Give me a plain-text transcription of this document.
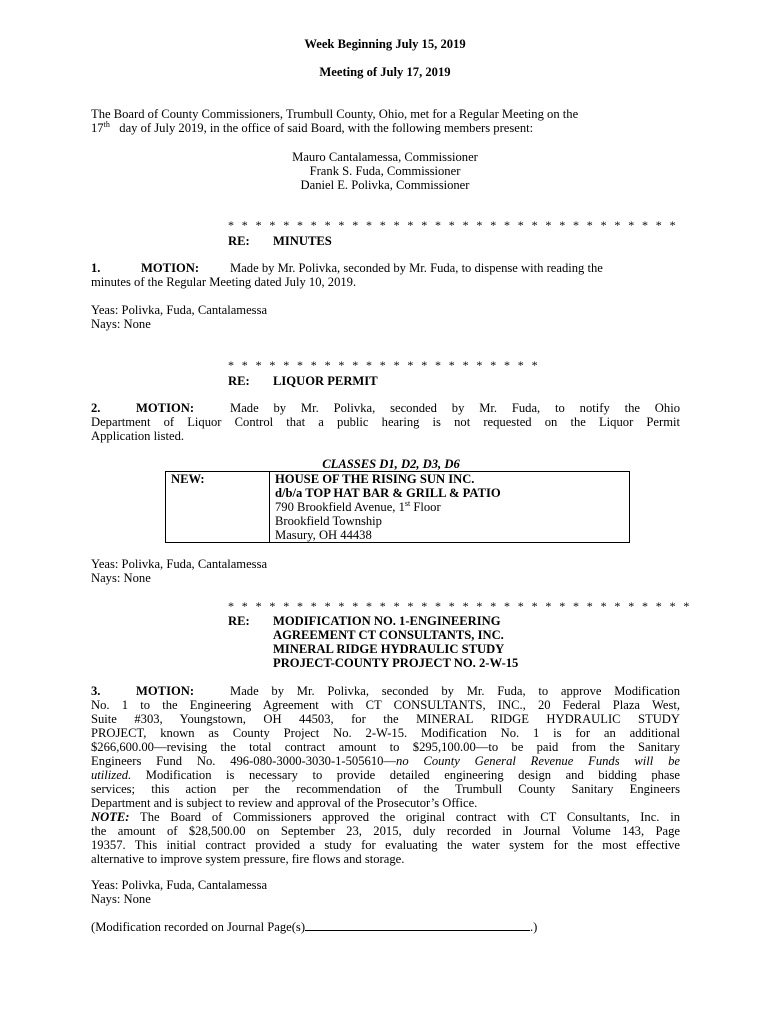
Week Beginning July 15, 2019
Meeting of July 17, 2019
The Board of County Commissioners, Trumbull County, Ohio, met for a Regular Meeting on the
17th day of July 2019, in the office of said Board, with the following members present:
Mauro Cantalamessa, Commissioner
Frank S. Fuda, Commissioner
Daniel E. Polivka, Commissioner
* * * * * * * * * * * * * * * * * * * * * * * * * * * * * * * * *
RE: MINUTES
1.	MOTION: Made by Mr. Polivka, seconded by Mr. Fuda, to dispense with reading the
minutes of the Regular Meeting dated July 10, 2019.
Yeas: Polivka, Fuda, Cantalamessa
Nays: None
* * * * * * * * * * * * * * * * * * * * * * *
RE: LIQUOR PERMIT
2.	MOTION:	Made by Mr. Polivka, seconded by Mr. Fuda, to notify the Ohio
Department of Liquor Control that a public hearing is not requested on the Liquor Permit
Application listed.
CLASSES D1, D2, D3, D6
NEW:	HOUSE OF THE RISING SUN INC.
d/b/a TOP HAT BAR & GRILL & PATIO
790 Brookfield Avenue, 1st Floor
Brookfield Township
Masury, OH 44438
Yeas: Polivka, Fuda, Cantalamessa
Nays: None
* * * * * * * * * * * * * * * * * * * * * * * * * * * * * * * * * *
RE: MODIFICATION NO. 1-ENGINEERING
AGREEMENT CT CONSULTANTS, INC.
MINERAL RIDGE HYDRAULIC STUDY
PROJECT-COUNTY PROJECT NO. 2-W-15
3.	MOTION:	Made by Mr. Polivka, seconded by Mr. Fuda, to approve Modification
No. 1 to the Engineering Agreement with CT CONSULTANTS, INC., 20 Federal Plaza West,
Suite #303, Youngstown, OH 44503, for the MINERAL RIDGE HYDRAULIC STUDY
PROJECT, known as County Project No. 2-W-15. Modification No. 1 is for an additional
$266,600.00—revising the total contract amount to $295,100.00—to be paid from the Sanitary
Engineers Fund No. 496-080-3000-3030-1-505610—no County General Revenue Funds will be
utilized. Modification is necessary to provide detailed engineering design and bidding phase
services; this action per the recommendation of the Trumbull County Sanitary Engineers
Department and is subject to review and approval of the Prosecutor’s Office.
NOTE: The Board of Commissioners approved the original contract with CT Consultants, Inc. in
the amount of $28,500.00 on September 23, 2015, duly recorded in Journal Volume 143, Page
19357. This initial contract provided a study for evaluating the water system for the most effective
alternative to improve system pressure, fire flows and storage.
Yeas: Polivka, Fuda, Cantalamessa
Nays: None
(Modification recorded on Journal Page(s)	.)
